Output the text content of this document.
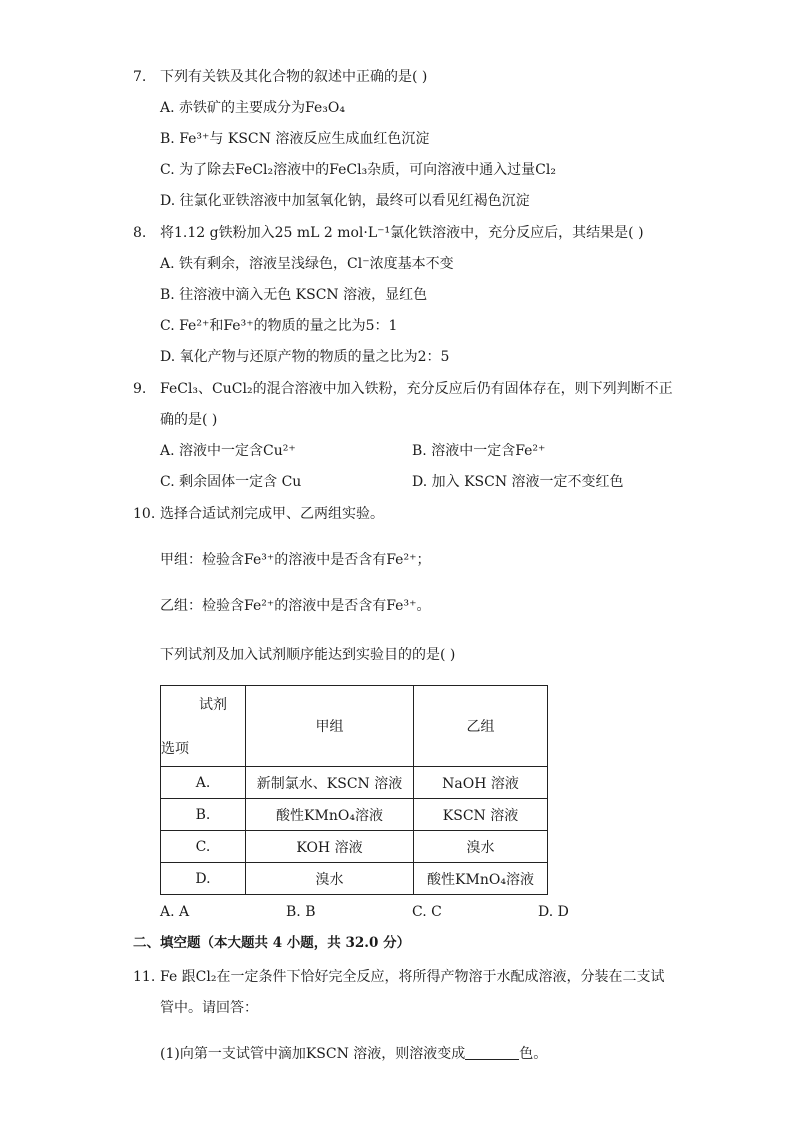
7. 下列有关铁及其化合物的叙述中正确的是( )
A. 赤铁矿的主要成分为Fe₃O₄
B. Fe³⁺与 KSCN 溶液反应生成血红色沉淀
C. 为了除去FeCl₂溶液中的FeCl₃杂质，可向溶液中通入过量Cl₂
D. 往氯化亚铁溶液中加氢氧化钠，最终可以看见红褐色沉淀
8. 将1.12 g铁粉加入25 mL 2 mol·L⁻¹氯化铁溶液中，充分反应后，其结果是( )
A. 铁有剩余，溶液呈浅绿色，Cl⁻浓度基本不变
B. 往溶液中滴入无色 KSCN 溶液，显红色
C. Fe²⁺和Fe³⁺的物质的量之比为5：1
D. 氧化产物与还原产物的物质的量之比为2：5
9. FeCl₃、CuCl₂的混合溶液中加入铁粉，充分反应后仍有固体存在，则下列判断不正
确的是( )
A. 溶液中一定含Cu²⁺	B. 溶液中一定含Fe²⁺
C. 剩余固体一定含 Cu	D. 加入 KSCN 溶液一定不变红色
10. 选择合适试剂完成甲、乙两组实验。
甲组：检验含Fe³⁺的溶液中是否含有Fe²⁺；
乙组：检验含Fe²⁺的溶液中是否含有Fe³⁺。
下列试剂及加入试剂顺序能达到实验目的的是( )
试剂
选项	甲组	乙组
A.	新制氯水、KSCN 溶液	NaOH 溶液
B.	酸性KMnO₄溶液	KSCN 溶液
C.	KOH 溶液	溴水
D.	溴水	酸性KMnO₄溶液
A. A	B. B	C. C	D. D
二、填空题（本大题共 4 小题，共 32.0 分）
11. Fe 跟Cl₂在一定条件下恰好完全反应，将所得产物溶于水配成溶液，分装在二支试
管中。请回答：
(1)向第一支试管中滴加KSCN 溶液，则溶液变成	色。
